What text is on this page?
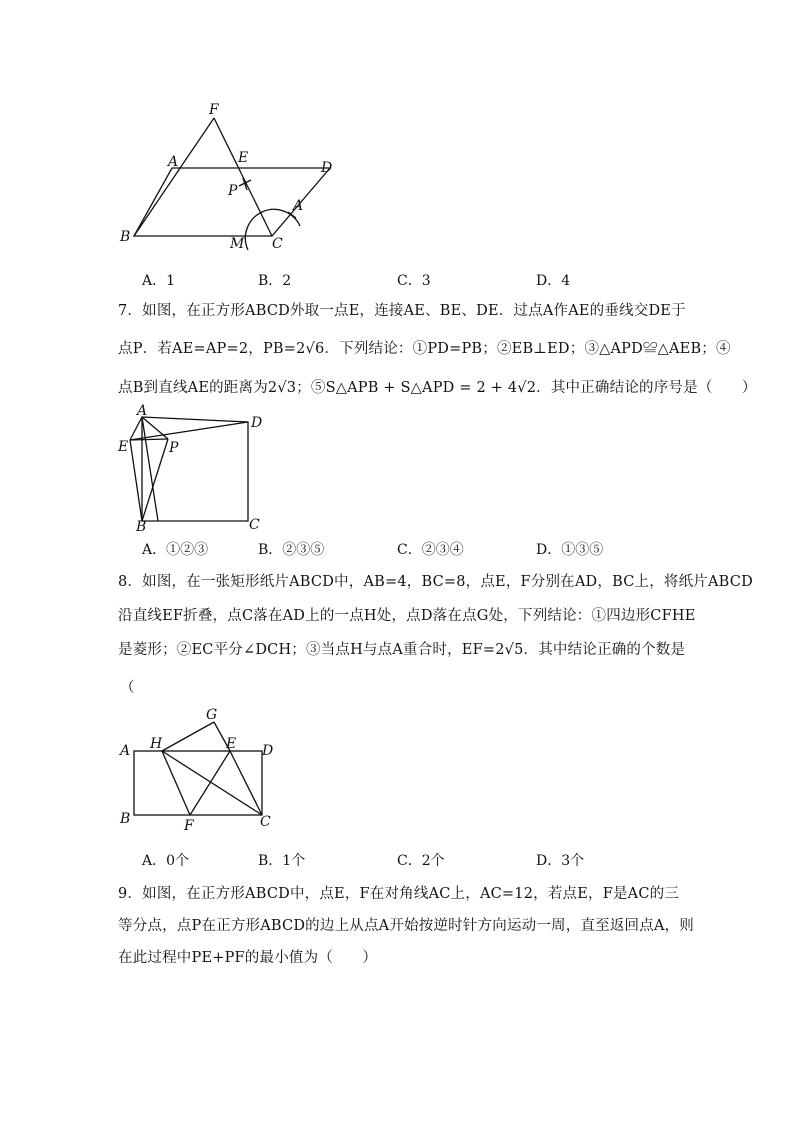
F
A	E
D
P
A
B	M C
A．1	B．2	C．3	D．4
7．如图，在正方形ABCD外取一点E，连接AE、BE、DE．过点A作AE的垂线交DE于
点P．若AE=AP=2，PB=2√6．下列结论：①PD=PB；②EB⊥ED；③△APD≌△AEB；④
点B到直线AE的距离为2√3；⑤S△APB + S△APD = 2 + 4√2．其中正确结论的序号是（　　）
A
D
E	P
B	C
A．①②③	B．②③⑤	C．②③④	D．①③⑤
8．如图，在一张矩形纸片ABCD中，AB=4，BC=8，点E，F分别在AD，BC上，将纸片ABCD
沿直线EF折叠，点C落在AD上的一点H处，点D落在点G处，下列结论：①四边形CFHE
是菱形；②EC平分∠DCH；③当点H与点A重合时，EF=2√5．其中结论正确的个数是
（
G
A H	E D
B	F	C
A．0个	B．1个	C．2个	D．3个
9．如图，在正方形ABCD中，点E，F在对角线AC上，AC=12，若点E，F是AC的三
等分点，点P在正方形ABCD的边上从点A开始按逆时针方向运动一周，直至返回点A，则
在此过程中PE+PF的最小值为（　　）
